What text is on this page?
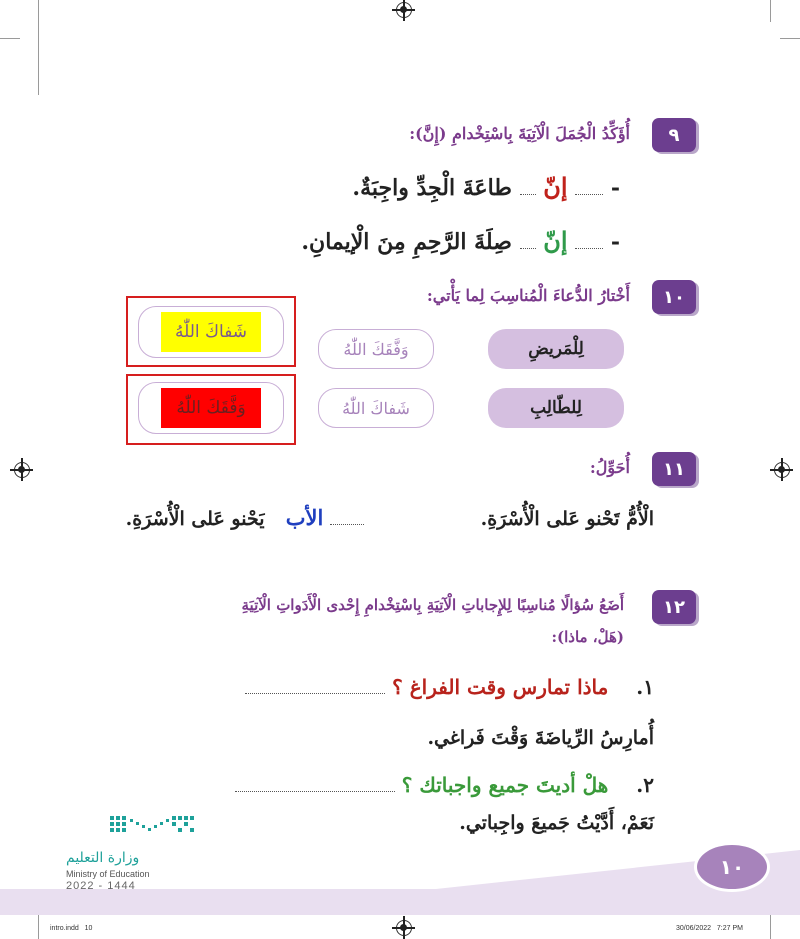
٩
أُؤَكِّدُ الْجُمَلَ الْآتِيَةَ بِاسْتِخْدامِ (إِنَّ):
-  إنّ  طاعَةَ الْجِدِّ واجِبَةٌ.
-  إنّ  صِلَةَ الرَّحِمِ مِنَ الْإيمانِ.
١٠
أَخْتارُ الدُّعاءَ الْمُناسِبَ لِما يَأْتي:
لِلْمَريضِ
وَفَّقَكَ اللّٰهُ
شَفاكَ اللّٰهُ
لِلطّالِبِ
شَفاكَ اللّٰهُ
وَفَّقَكَ اللّٰهُ
١١
أُحَوِّلُ:
الْأُمُّ تَحْنو عَلى الْأُسْرَةِ.
الأب  يَحْنو عَلى الْأُسْرَةِ.
١٢
أَضَعُ سُؤالًا مُناسِبًا لِلإِجاباتِ الْآتِيَةِ بِاسْتِخْدامِ إِحْدى الْأَدَواتِ الْآتِيَةِ
(هَلْ، ماذا):
١.  ماذا تمارس وقت الفراغ ؟
أُمارِسُ الرِّياضَةَ وَقْتَ فَراغي.
٢.  هلْ أديتَ جميع واجباتك ؟
نَعَمْ، أَدَّيْتُ جَميعَ واجِباتي.
١٠
وزارة التعليم
Ministry of Education
2022 - 1444
intro.indd   10	30/06/2022   7:27 PM
